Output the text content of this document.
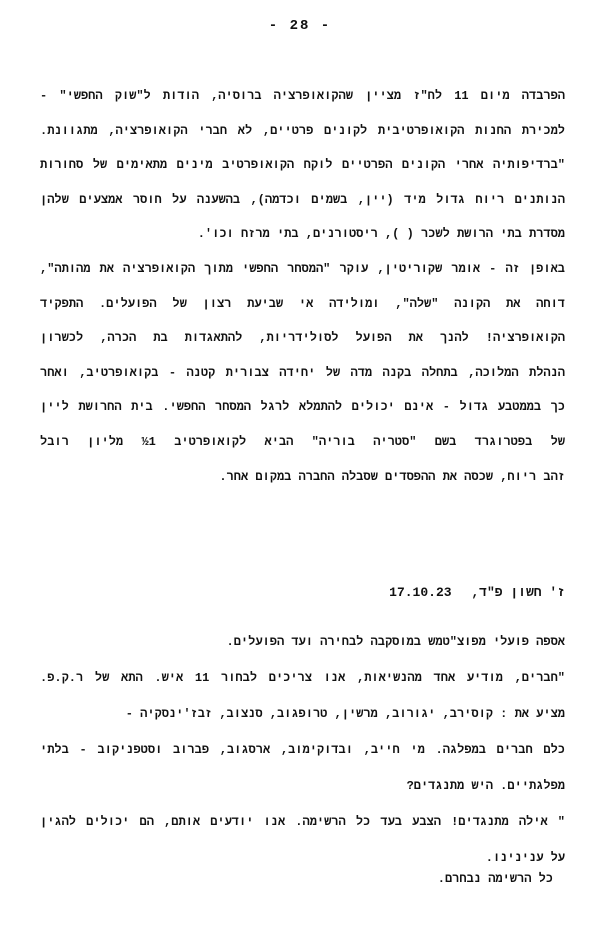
- 28 -
הפרבדה מיום 11 לח"ז מציין שהקואופרציה ברוסיה, הודות ל"שוק החפשי" -
למכירת החנות הקואופרטיבית לקונים פרטיים, לא חברי הקואופרציה, מתגוונת.
"ברדיפותיה אחרי הקונים הפרטיים לוקח הקואופרטיב מינים מתאימים של סחורות
הנותנים ריוח גדול מיד (יין, בשמים וכדמה), בהשענה על חוסר אמצעים שלהן
מסדרת בתי הרושת לשכר ( ), ריסטורנים, בתי מרזח וכו'.
באופן זה - אומר שקוריטין, עוקר "המסחר החפשי מתוך הקואופרציה את מהותה",
דוחה את הקונה "שלה", ומולידה אי שביעת רצון של הפועלים. התפקיד
הקואופרציה! להנך את הפועל לסולידריות, להתאגדות בת הכרה, לכשרון
הנהלת המלוכה, בתחלה בקנה מדה של יחידה צבורית קטנה - בקואופרטיב, ואחר
כך בממטבע גדול - אינם יכולים להתמלא לרגל המסחר החפשי. בית החרושת ליין
של בפטרוגרד בשם "סטריה בוריה" הביא לקואופרטיב 1½ מליון רובל
זהב ריוח, שכסה את ההפסדים שסבלה החברה במקום אחר.
ז' חשון פ"ד, 17.10.23
אספה פועלי מפוצ"טמש במוסקבה לבחירה ועד הפועלים.
"חברים, מודיע אחד מהנשיאות, אנו צריכים לבחור 11 איש. התא של ר.ק.פ.
מציע את : קוסירב, יגורוב, מרשין, טרופגוב, סנצוב, זבז'ינסקיה -
כלם חברים במפלגה. מי חייב, ובדוקימוב, ארסגוב, פברוב וסטפניקוב - בלתי
מפלגתיים. היש מתנגדים?
" אילה מתנגדים! הצבע בעד כל הרשימה. אנו יודעים אותם, הם יכולים להגין
על ענינינו.
כל הרשימה נבחרם.
